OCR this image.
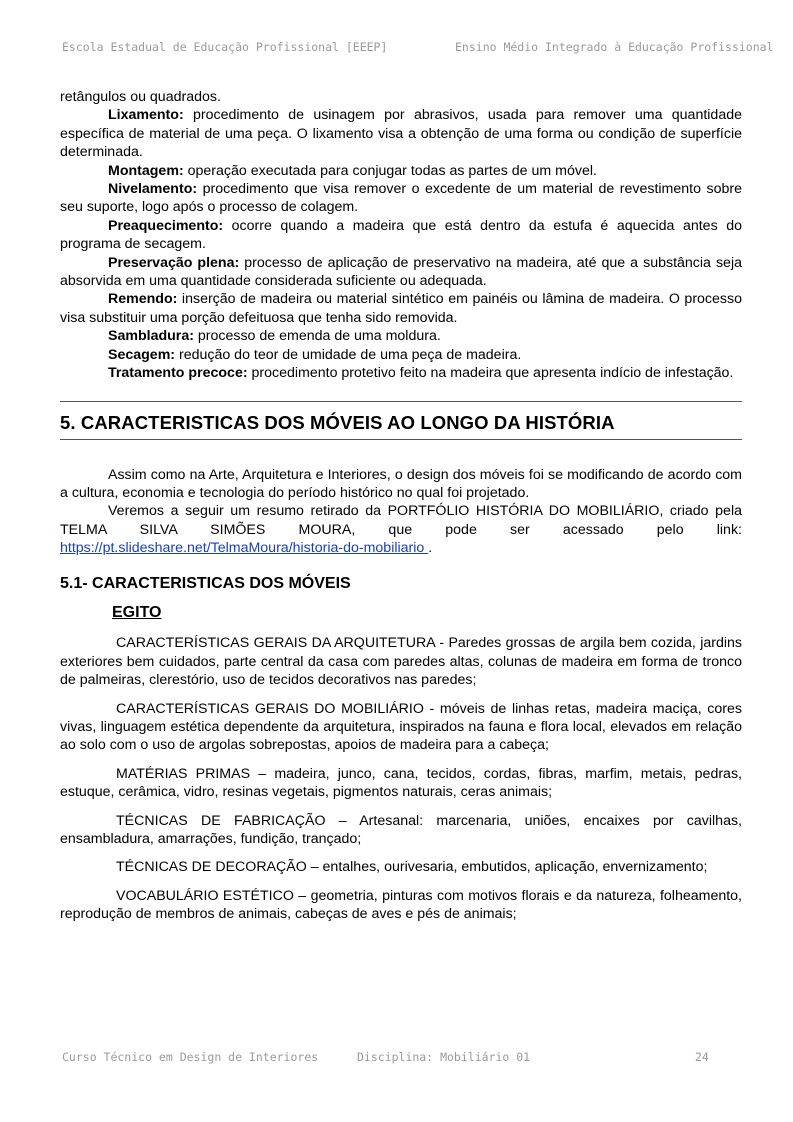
Escola Estadual de Educação Profissional [EEEP]	Ensino Médio Integrado à Educação Profissional

retângulos ou quadrados.

Lixamento: procedimento de usinagem por abrasivos, usada para remover uma quantidade específica de material de uma peça. O lixamento visa a obtenção de uma forma ou condição de superfície determinada.

Montagem: operação executada para conjugar todas as partes de um móvel.

Nivelamento: procedimento que visa remover o excedente de um material de revestimento sobre seu suporte, logo após o processo de colagem.

Preaquecimento: ocorre quando a madeira que está dentro da estufa é aquecida antes do programa de secagem.

Preservação plena: processo de aplicação de preservativo na madeira, até que a substância seja absorvida em uma quantidade considerada suficiente ou adequada.

Remendo: inserção de madeira ou material sintético em painéis ou lâmina de madeira. O processo visa substituir uma porção defeituosa que tenha sido removida.

Sambladura: processo de emenda de uma moldura.

Secagem: redução do teor de umidade de uma peça de madeira.

Tratamento precoce: procedimento protetivo feito na madeira que apresenta indício de infestação.

5. CARACTERISTICAS DOS MÓVEIS AO LONGO DA HISTÓRIA

Assim como na Arte, Arquitetura e Interiores, o design dos móveis foi se modificando de acordo com a cultura, economia e tecnologia do período histórico no qual foi projetado.

Veremos a seguir um resumo retirado da PORTFÓLIO HISTÓRIA DO MOBILIÁRIO, criado pela TELMA SILVA SIMÕES MOURA, que pode ser acessado pelo link: https://pt.slideshare.net/TelmaMoura/historia-do-mobiliario .

5.1- CARACTERISTICAS DOS MÓVEIS
EGITO

CARACTERÍSTICAS GERAIS DA ARQUITETURA - Paredes grossas de argila bem cozida, jardins exteriores bem cuidados, parte central da casa com paredes altas, colunas de madeira em forma de tronco de palmeiras, clerestório, uso de tecidos decorativos nas paredes;

CARACTERÍSTICAS GERAIS DO MOBILIÁRIO - móveis de linhas retas, madeira maciça, cores vivas, linguagem estética dependente da arquitetura, inspirados na fauna e flora local, elevados em relação ao solo com o uso de argolas sobrepostas, apoios de madeira para a cabeça;

MATÉRIAS PRIMAS – madeira, junco, cana, tecidos, cordas, fibras, marfim, metais, pedras, estuque, cerâmica, vidro, resinas vegetais, pigmentos naturais, ceras animais;

TÉCNICAS DE FABRICAÇÃO – Artesanal: marcenaria, uniões, encaixes por cavilhas, ensambladura, amarrações, fundição, trançado;

TÉCNICAS DE DECORAÇÃO – entalhes, ourivesaria, embutidos, aplicação, envernizamento;

VOCABULÁRIO ESTÉTICO – geometria, pinturas com motivos florais e da natureza, folheamento, reprodução de membros de animais, cabeças de aves e pés de animais;

Curso Técnico em Design de Interiores	Disciplina: Mobiliário 01	24
